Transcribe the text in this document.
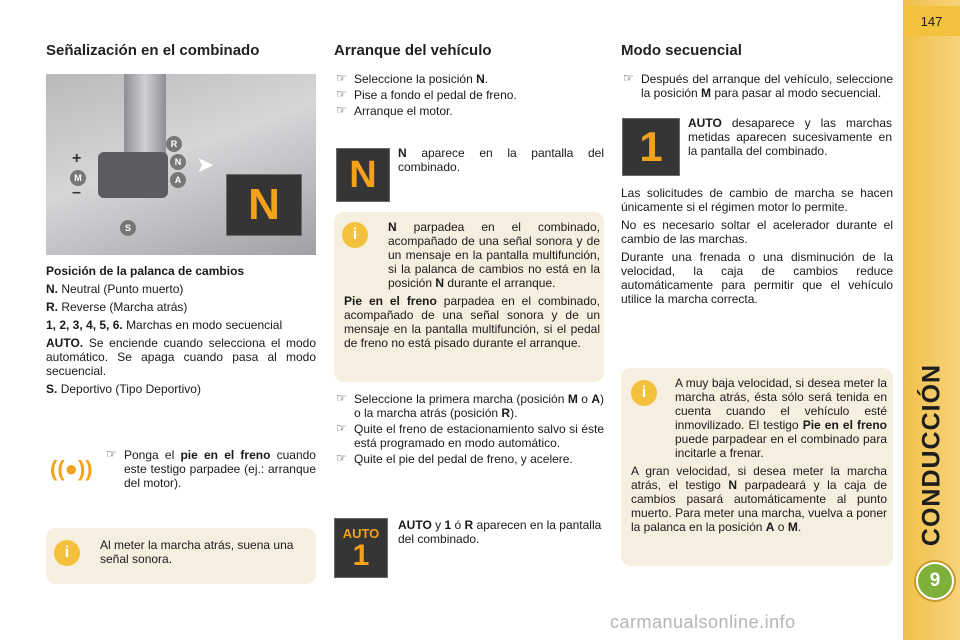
147
CONDUCCIÓN
9
Señalización en el combinado
R
N
A
M
S
+
–
➤
N

Posición de la palanca de cambios

N. Neutral (Punto muerto)

R. Reverse (Marcha atrás)

1, 2, 3, 4, 5, 6. Marchas en modo secuencial

AUTO. Se enciende cuando selecciona el modo automático. Se apaga cuando pasa al modo secuencial.

S. Deportivo (Tipo Deportivo)

((●))
☞ Ponga el pie en el freno cuando este testigo parpadee (ej.: arranque del motor).
i	Al meter la marcha atrás, suena una señal sonora.
Arranque del vehículo
☞ Seleccione la posición N.
☞ Pise a fondo el pedal de freno.
☞ Arranque el motor.
N
N aparece en la pantalla del combinado.
i	N parpadea en el combinado, acompañado de una señal sonora y de un mensaje en la pantalla multifunción, si la palanca de cambios no está en la posición N durante el arranque.

Pie en el freno parpadea en el combinado, acompañado de una señal sonora y de un mensaje en la pantalla multifunción, si el pedal de freno no está pisado durante el arranque.

☞ Seleccione la primera marcha (posición M o A) o la marcha atrás (posición R).
☞ Quite el freno de estacionamiento salvo si éste está programado en modo automático.
☞ Quite el pie del pedal de freno, y acelere.
AUTO
1
AUTO y 1 ó R aparecen en la pantalla del combinado.
Modo secuencial
☞ Después del arranque del vehículo, seleccione la posición M para pasar al modo secuencial.
1 AUTO desaparece y las marchas metidas aparecen sucesivamente en la pantalla del combinado.

Las solicitudes de cambio de marcha se hacen únicamente si el régimen motor lo permite.

No es necesario soltar el acelerador durante el cambio de las marchas.

Durante una frenada o una disminución de la velocidad, la caja de cambios reduce automáticamente para permitir que el vehículo utilice la marcha correcta.

i

A muy baja velocidad, si desea meter la marcha atrás, ésta sólo será tenida en cuenta cuando el vehículo esté inmovilizado. El testigo Pie en el freno puede parpadear en el combinado para incitarle a frenar.

A gran velocidad, si desea meter la marcha atrás, el testigo N parpadeará y la caja de cambios pasará automáticamente al punto muerto. Para meter una marcha, vuelva a poner la palanca en la posición A o M.

carmanualsonline.info
